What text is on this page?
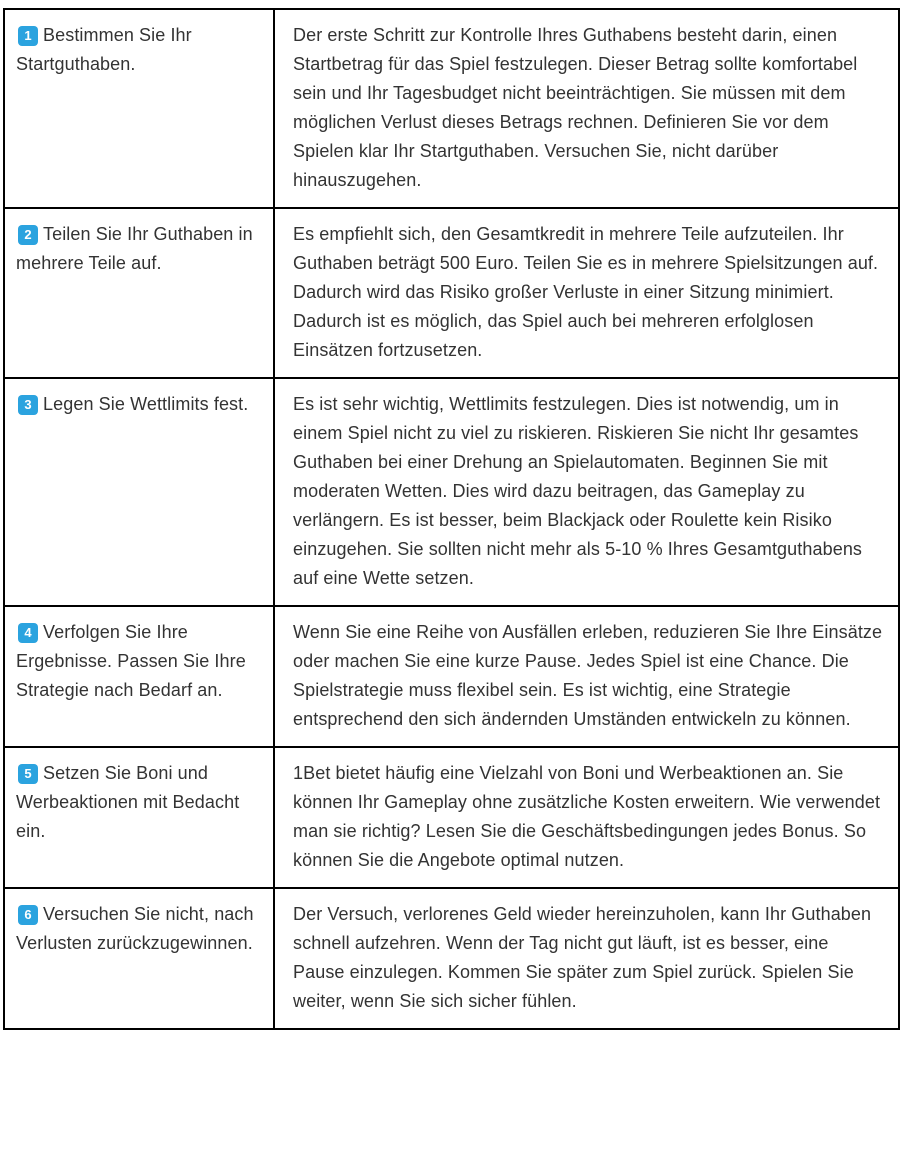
1 Bestimmen Sie Ihr Startguthaben.	Der erste Schritt zur Kontrolle Ihres Guthabens besteht darin, einen Startbetrag für das Spiel festzulegen. Dieser Betrag sollte komfortabel sein und Ihr Tagesbudget nicht beeinträchtigen. Sie müssen mit dem möglichen Verlust dieses Betrags rechnen. Definieren Sie vor dem Spielen klar Ihr Startguthaben. Versuchen Sie, nicht darüber hinauszugehen.
2 Teilen Sie Ihr Guthaben in mehrere Teile auf.	Es empfiehlt sich, den Gesamtkredit in mehrere Teile aufzuteilen. Ihr Guthaben beträgt 500 Euro. Teilen Sie es in mehrere Spielsitzungen auf. Dadurch wird das Risiko großer Verluste in einer Sitzung minimiert. Dadurch ist es möglich, das Spiel auch bei mehreren erfolglosen Einsätzen fortzusetzen.
3 Legen Sie Wettlimits fest.	Es ist sehr wichtig, Wettlimits festzulegen. Dies ist notwendig, um in einem Spiel nicht zu viel zu riskieren. Riskieren Sie nicht Ihr gesamtes Guthaben bei einer Drehung an Spielautomaten. Beginnen Sie mit moderaten Wetten. Dies wird dazu beitragen, das Gameplay zu verlängern. Es ist besser, beim Blackjack oder Roulette kein Risiko einzugehen. Sie sollten nicht mehr als 5-10 % Ihres Gesamtguthabens auf eine Wette setzen.
4 Verfolgen Sie Ihre Ergebnisse. Passen Sie Ihre Strategie nach Bedarf an.	Wenn Sie eine Reihe von Ausfällen erleben, reduzieren Sie Ihre Einsätze oder machen Sie eine kurze Pause. Jedes Spiel ist eine Chance. Die Spielstrategie muss flexibel sein. Es ist wichtig, eine Strategie entsprechend den sich ändernden Umständen entwickeln zu können.
5 Setzen Sie Boni und Werbeaktionen mit Bedacht ein.	1Bet bietet häufig eine Vielzahl von Boni und Werbeaktionen an. Sie können Ihr Gameplay ohne zusätzliche Kosten erweitern. Wie verwendet man sie richtig? Lesen Sie die Geschäftsbedingungen jedes Bonus. So können Sie die Angebote optimal nutzen.
6 Versuchen Sie nicht, nach Verlusten zurückzugewinnen.	Der Versuch, verlorenes Geld wieder hereinzuholen, kann Ihr Guthaben schnell aufzehren. Wenn der Tag nicht gut läuft, ist es besser, eine Pause einzulegen. Kommen Sie später zum Spiel zurück. Spielen Sie weiter, wenn Sie sich sicher fühlen.
